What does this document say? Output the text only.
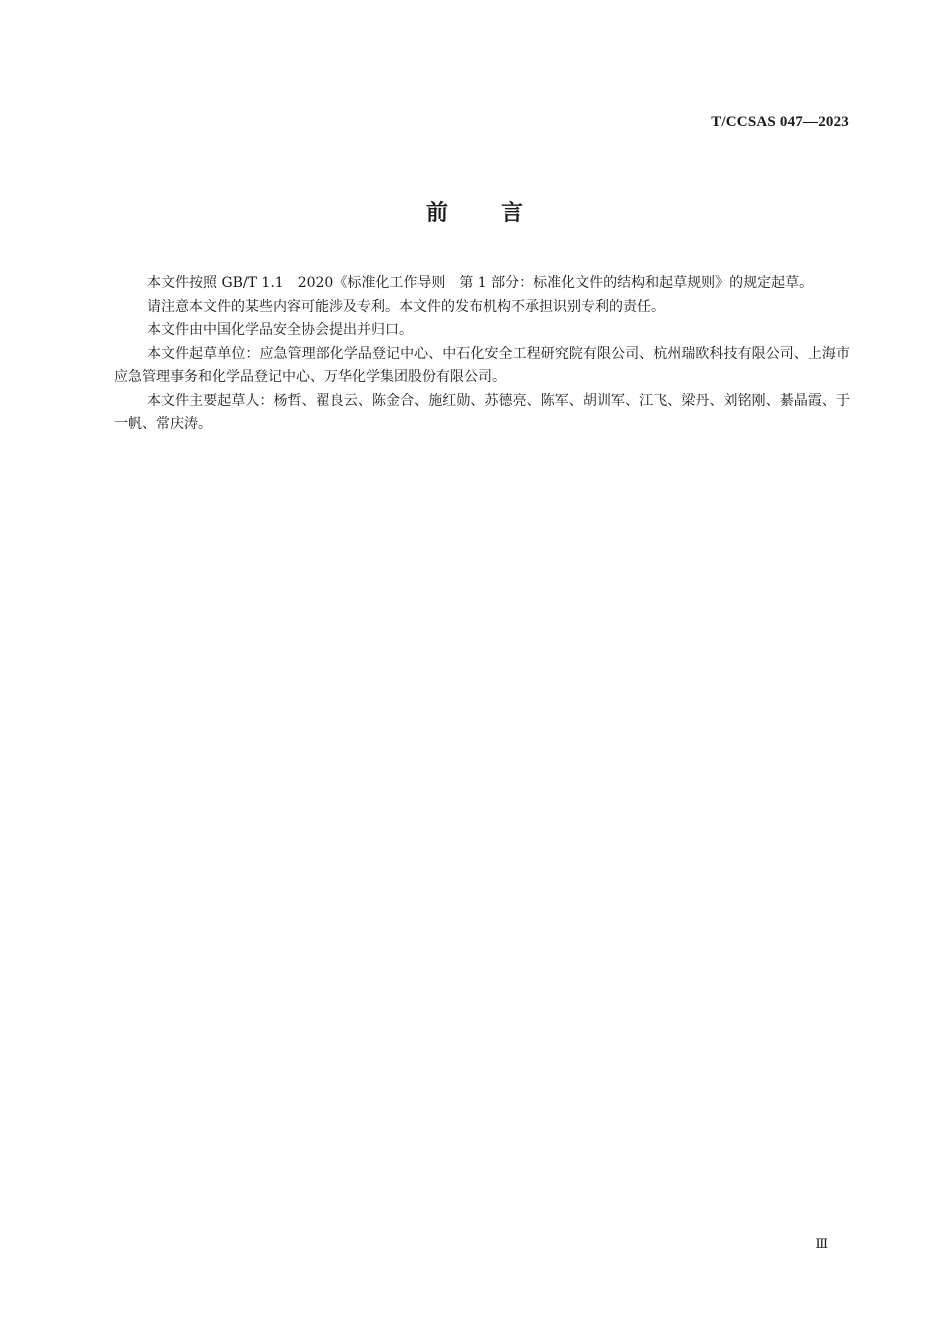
T/CCSAS 047—2023
前 言

本文件按照 GB/T 1.1　2020《标准化工作导则　第 1 部分：标准化文件的结构和起草规则》的规定起草。

请注意本文件的某些内容可能涉及专利。本文件的发布机构不承担识别专利的责任。

本文件由中国化学品安全协会提出并归口。

本文件起草单位：应急管理部化学品登记中心、中石化安全工程研究院有限公司、杭州瑞欧科技有限公司、上海市应急管理事务和化学品登记中心、万华化学集团股份有限公司。

本文件主要起草人：杨哲、翟良云、陈金合、施红勋、苏德亮、陈军、胡训军、江飞、梁丹、刘铭刚、綦晶霞、于一帆、常庆涛。

Ⅲ
